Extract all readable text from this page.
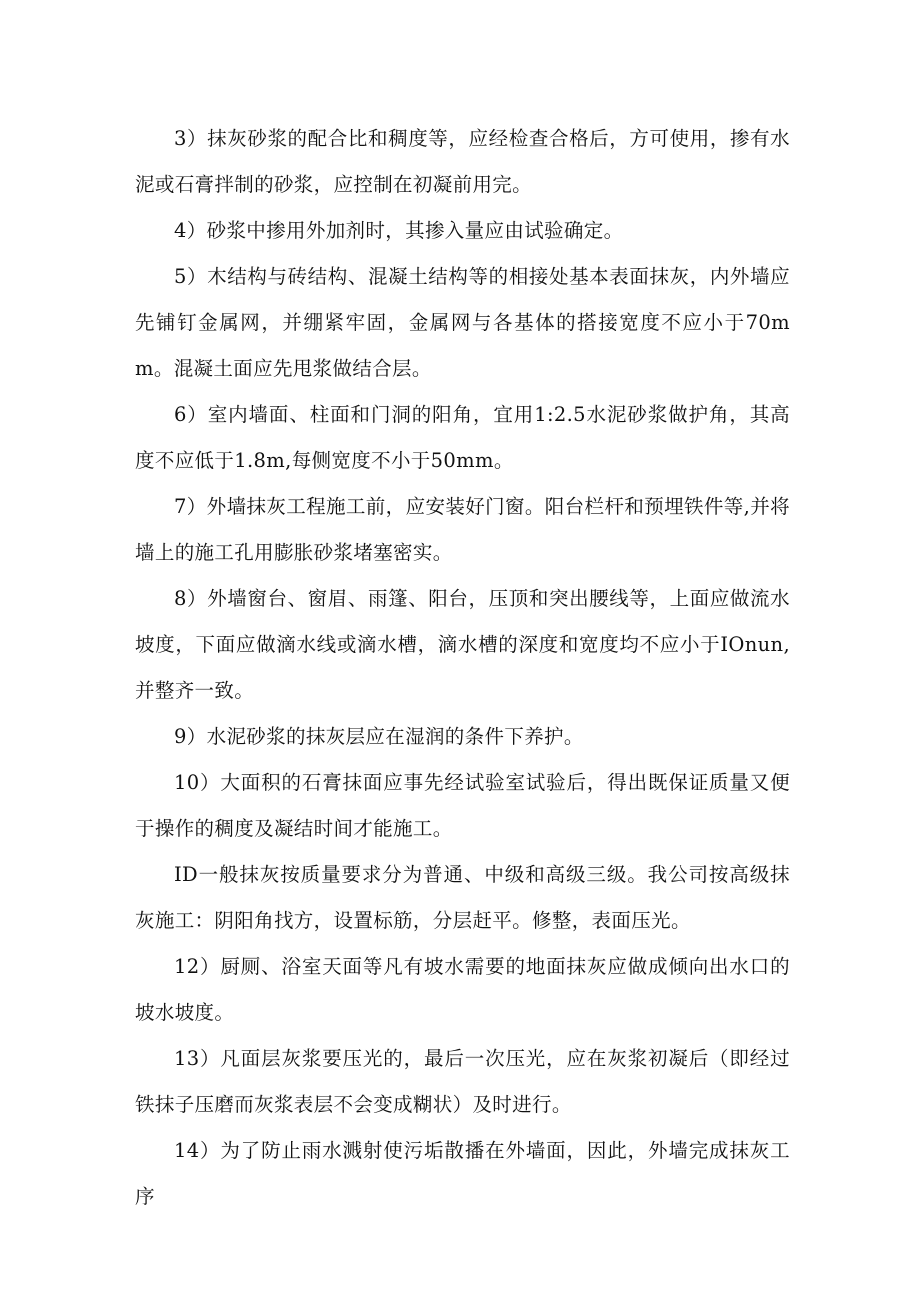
3）抹灰砂浆的配合比和稠度等，应经检查合格后，方可使用，掺有水泥或石膏拌制的砂浆，应控制在初凝前用完。

4）砂浆中掺用外加剂时，其掺入量应由试验确定。

5）木结构与砖结构、混凝土结构等的相接处基本表面抹灰，内外墙应先铺钉金属网，并绷紧牢固，金属网与各基体的搭接宽度不应小于70mm。混凝土面应先甩浆做结合层。

6）室内墙面、柱面和门洞的阳角，宜用1:2.5水泥砂浆做护角，其高度不应低于1.8m,每侧宽度不小于50mm。

7）外墙抹灰工程施工前，应安装好门窗。阳台栏杆和预埋铁件等,并将墙上的施工孔用膨胀砂浆堵塞密实。

8）外墙窗台、窗眉、雨篷、阳台，压顶和突出腰线等，上面应做流水坡度，下面应做滴水线或滴水槽，滴水槽的深度和宽度均不应小于IOnun,并整齐一致。

9）水泥砂浆的抹灰层应在湿润的条件下养护。

10）大面积的石膏抹面应事先经试验室试验后，得出既保证质量又便于操作的稠度及凝结时间才能施工。

ID一般抹灰按质量要求分为普通、中级和高级三级。我公司按高级抹灰施工：阴阳角找方，设置标筋，分层赶平。修整，表面压光。

12）厨厕、浴室天面等凡有坡水需要的地面抹灰应做成倾向出水口的坡水坡度。

13）凡面层灰浆要压光的，最后一次压光，应在灰浆初凝后（即经过铁抹子压磨而灰浆表层不会变成糊状）及时进行。

14）为了防止雨水溅射使污垢散播在外墙面，因此，外墙完成抹灰工序
